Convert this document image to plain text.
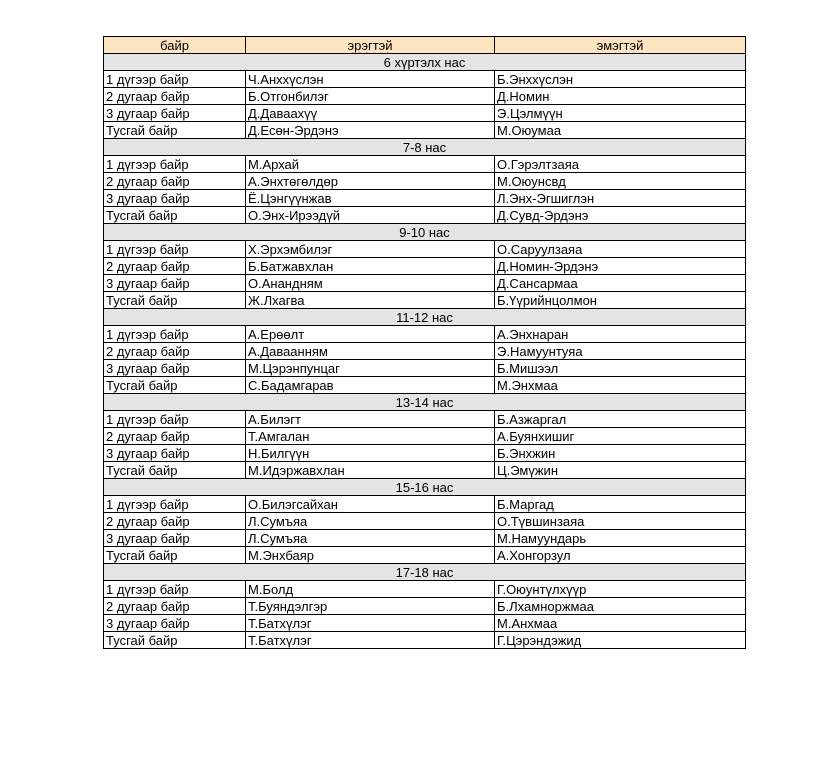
байр	эрэгтэй	эмэгтэй
6 хүртэлх нас		
1 дүгээр байр	Ч.Анххүслэн	Б.Энххүслэн
2 дугаар байр	Б.Отгонбилэг	Д.Номин
3 дугаар байр	Д.Даваахүү	Э.Цэлмүүн
Тусгай байр	Д.Есөн-Эрдэнэ	М.Оюумаа
7-8 нас		
1 дүгээр байр	М.Архай	О.Гэрэлтзаяа
2 дугаар байр	А.Энхтөгөлдөр	М.Оюунсвд
3 дугаар байр	Ё.Цэнгүүнжав	Л.Энх-Эгшиглэн
Тусгай байр	О.Энх-Ирээдүй	Д.Сувд-Эрдэнэ
9-10 нас		
1 дүгээр байр	Х.Эрхэмбилэг	О.Саруулзаяа
2 дугаар байр	Б.Батжавхлан	Д.Номин-Эрдэнэ
3 дугаар байр	О.Анандням	Д.Сансармаа
Тусгай байр	Ж.Лхагва	Б.Үүрийнцолмон
11-12 нас		
1 дүгээр байр	А.Ерөөлт	А.Энхнаран
2 дугаар байр	А.Даваанням	Э.Намуунтуяа
3 дугаар байр	М.Цэрэнпунцаг	Б.Мишээл
Тусгай байр	С.Бадамгарав	М.Энхмаа
13-14 нас		
1 дүгээр байр	А.Билэгт	Б.Азжаргал
2 дугаар байр	Т.Амгалан	А.Буянхишиг
3 дугаар байр	Н.Билгүүн	Б.Энхжин
Тусгай байр	М.Идэржавхлан	Ц.Эмүжин
15-16 нас		
1 дүгээр байр	О.Билэгсайхан	Б.Маргад
2 дугаар байр	Л.Сумъяа	О.Түвшинзаяа
3 дугаар байр	Л.Сумъяа	М.Намуундарь
Тусгай байр	М.Энхбаяр	А.Хонгорзул
17-18 нас		
1 дүгээр байр	М.Болд	Г.Оюунтүлхүүр
2 дугаар байр	Т.Буяндэлгэр	Б.Лхамноржмаа
3 дугаар байр	Т.Батхүлэг	М.Анхмаа
Тусгай байр	Т.Батхүлэг	Г.Цэрэндэжид
